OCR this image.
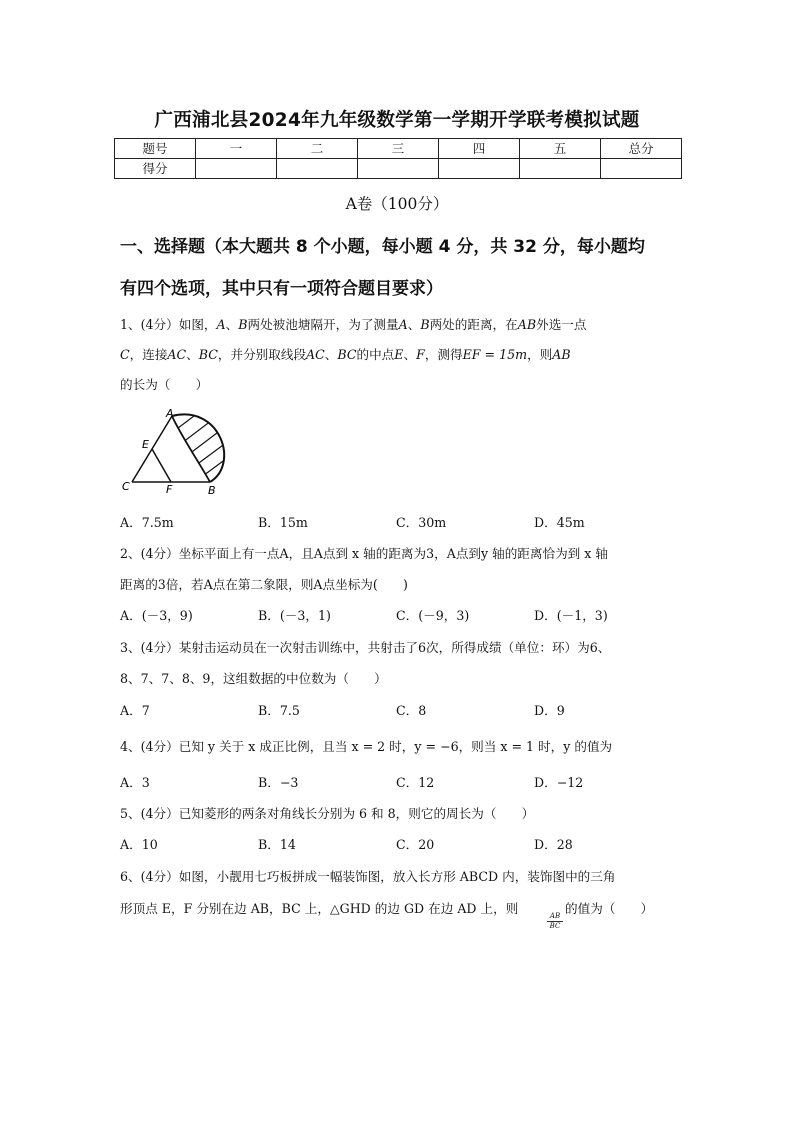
广西浦北县2024年九年级数学第一学期开学联考模拟试题
题号	一	二	三	四	五	总分
得分						
A卷（100分）
一、选择题（本大题共 8 个小题，每小题 4 分，共 32 分，每小题均
有四个选项，其中只有一项符合题目要求）
1、(4分）如图，A、B两处被池塘隔开，为了测量A、B两处的距离，在AB外选一点
C，连接AC、BC，并分别取线段AC、BC的中点E、F，测得EF = 15m，则AB
的长为（　　）
A
E
C	F	B
A．7.5m	B．15m	C．30m	D．45m
2、(4分）坐标平面上有一点A，且A点到 x 轴的距离为3，A点到y 轴的距离恰为到 x 轴
距离的3倍，若A点在第二象限，则A点坐标为(　　)
A．(－3，9)	B．(－3，1)	C．(－9，3)	D．(－1，3)
3、(4分）某射击运动员在一次射击训练中，共射击了6次，所得成绩（单位：环）为6、
8、7、7、8、9，这组数据的中位数为（　　）
A．7	B．7.5	C．8	D．9
4、(4分）已知 y 关于 x 成正比例，且当 x = 2 时，y = −6，则当 x = 1 时，y 的值为
A．3	B．−3	C．12	D．−12
5、(4分）已知菱形的两条对角线长分别为 6 和 8，则它的周长为（　　）
A．10	B．14	C．20	D．28
6、(4分）如图，小靓用七巧板拼成一幅装饰图，放入长方形 ABCD 内，装饰图中的三角
形顶点 E，F 分别在边 AB，BC 上，△GHD 的边 GD 在边 AD 上，则
$\frac{AB}{BC}$
的值为（　　）
